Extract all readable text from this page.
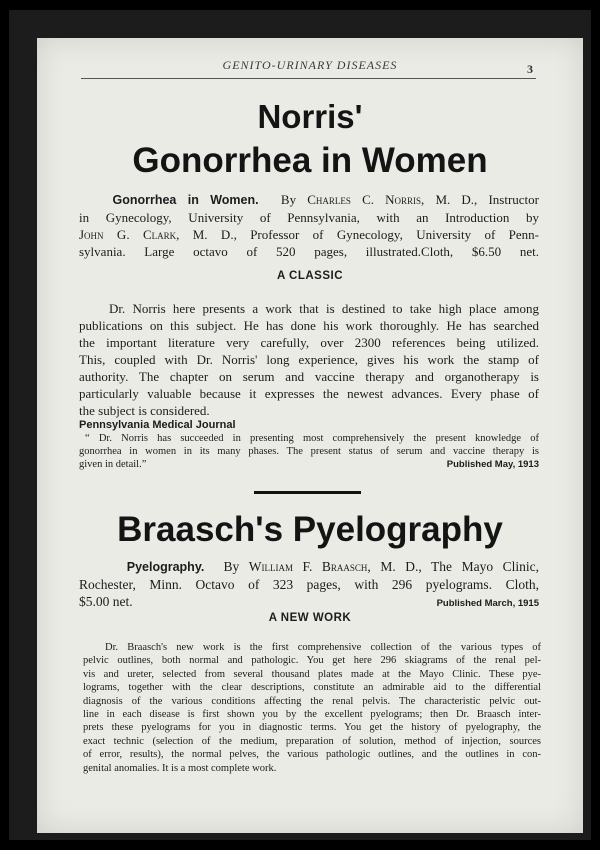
GENITO-URINARY DISEASES	3
Norris'
Gonorrhea in Women
Gonorrhea in Women. By Charles C. Norris, M. D., Instructor
in Gynecology, University of Pennsylvania, with an Introduction by
John G. Clark, M. D., Professor of Gynecology, University of Penn-
sylvania. Large octavo of 520 pages, illustrated.Cloth, $6.50 net.
A CLASSIC
Dr. Norris here presents a work that is destined to take high place among
publications on this subject. He has done his work thoroughly. He has searched
the important literature very carefully, over 2300 references being utilized.
This, coupled with Dr. Norris' long experience, gives his work the stamp of
authority. The chapter on serum and vaccine therapy and organotherapy is
particularly valuable because it expresses the newest advances. Every phase of
the subject is considered.
Pennsylvania Medical Journal
“ Dr. Norris has succeeded in presenting most comprehensively the present knowledge of
gonorrhea in women in its many phases. The present status of serum and vaccine therapy is
given in detail.”	Published May, 1913
Braasch's Pyelography
Pyelography. By William F. Braasch, M. D., The Mayo Clinic,
Rochester, Minn. Octavo of 323 pages, with 296 pyelograms. Cloth,
$5.00 net.	Published March, 1915
A NEW WORK
Dr. Braasch's new work is the first comprehensive collection of the various types of
pelvic outlines, both normal and pathologic. You get here 296 skiagrams of the renal pel-
vis and ureter, selected from several thousand plates made at the Mayo Clinic. These pye-
lograms, together with the clear descriptions, constitute an admirable aid to the differential
diagnosis of the various conditions affecting the renal pelvis. The characteristic pelvic out-
line in each disease is first shown you by the excellent pyelograms; then Dr. Braasch inter-
prets these pyelograms for you in diagnostic terms. You get the history of pyelography, the
exact technic (selection of the medium, preparation of solution, method of injection, sources
of error, results), the normal pelves, the various pathologic outlines, and the outlines in con-
genital anomalies. It is a most complete work.
